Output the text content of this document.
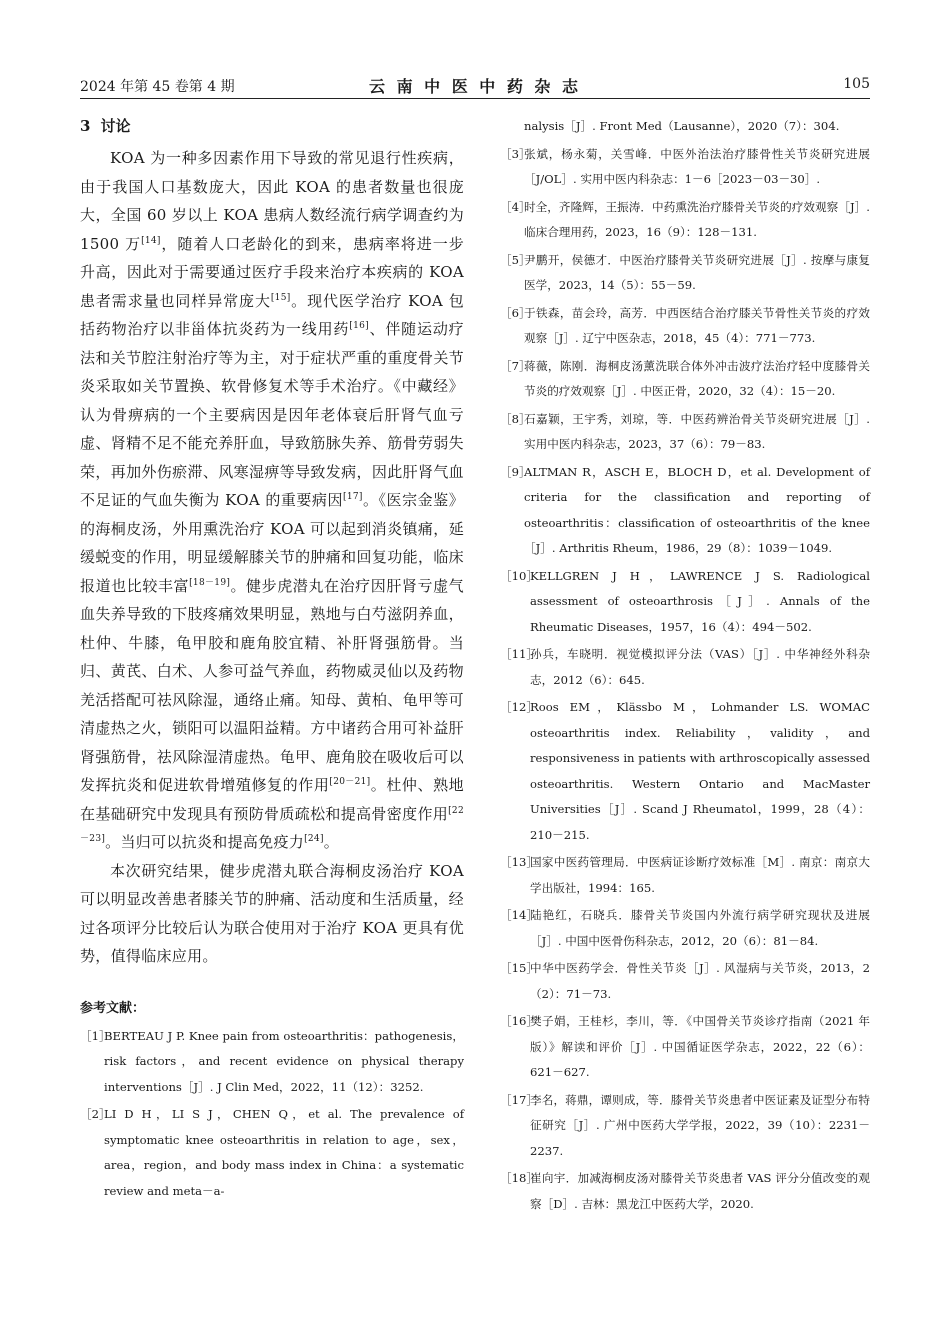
2024 年第 45 卷第 4 期	云 南 中 医 中 药 杂 志	105
3 讨论

KOA 为一种多因素作用下导致的常见退行性疾病，由于我国人口基数庞大，因此 KOA 的患者数量也很庞大，全国 60 岁以上 KOA 患病人数经流行病学调查约为 1500 万[14]，随着人口老龄化的到来，患病率将进一步升高，因此对于需要通过医疗手段来治疗本疾病的 KOA 患者需求量也同样异常庞大[15]。现代医学治疗 KOA 包括药物治疗以非甾体抗炎药为一线用药[16]、伴随运动疗法和关节腔注射治疗等为主，对于症状严重的重度骨关节炎采取如关节置换、软骨修复术等手术治疗。《中藏经》认为骨痹病的一个主要病因是因年老体衰后肝肾气血亏虚、肾精不足不能充养肝血，导致筋脉失养、筋骨劳弱失荣，再加外伤瘀滞、风寒湿痹等导致发病，因此肝肾气血不足证的气血失衡为 KOA 的重要病因[17]。《医宗金鉴》的海桐皮汤，外用熏洗治疗 KOA 可以起到消炎镇痛，延缓蜕变的作用，明显缓解膝关节的肿痛和回复功能，临床报道也比较丰富[18－19]。健步虎潜丸在治疗因肝肾亏虚气血失养导致的下肢疼痛效果明显，熟地与白芍滋阴养血，杜仲、牛膝，龟甲胶和鹿角胶宜精、补肝肾强筋骨。当归、黄芪、白术、人参可益气养血，药物威灵仙以及药物羌活搭配可祛风除湿，通络止痛。知母、黄柏、龟甲等可清虚热之火，锁阳可以温阳益精。方中诸药合用可补益肝肾强筋骨，祛风除湿清虚热。龟甲、鹿角胶在吸收后可以发挥抗炎和促进软骨增殖修复的作用[20－21]。杜仲、熟地在基础研究中发现具有预防骨质疏松和提高骨密度作用[22－23]。当归可以抗炎和提高免疫力[24]。

本次研究结果，健步虎潜丸联合海桐皮汤治疗 KOA 可以明显改善患者膝关节的肿痛、活动度和生活质量，经过各项评分比较后认为联合使用对于治疗 KOA 更具有优势，值得临床应用。

参考文献：
［1］
BERTEAU J P. Knee pain from osteoarthritis：pathogenesis，risk factors，and recent evidence on physical therapy interventions［J］. J Clin Med，2022，11（12）：3252.
［2］
LI D H，LI S J，CHEN Q，et al. The prevalence of symptomatic knee osteoarthritis in relation to age，sex，area，region，and body mass index in China：a systematic review and meta－a-
nalysis［J］. Front Med（Lausanne），2020（7）：304.
［3］
张斌，杨永菊，关雪峰．中医外治法治疗膝骨性关节炎研究进展［J/OL］. 实用中医内科杂志：1－6［2023－03－30］.
［4］
时全，齐隆辉，王振涛．中药熏洗治疗膝骨关节炎的疗效观察［J］. 临床合理用药，2023，16（9）：128－131.
［5］
尹鹏开，侯德才．中医治疗膝骨关节炎研究进展［J］. 按摩与康复医学，2023，14（5）：55－59.
［6］
于铁森，苗会玲，高芳．中西医结合治疗膝关节骨性关节炎的疗效观察［J］. 辽宁中医杂志，2018，45（4）：771－773.
［7］
蒋薇，陈刚．海桐皮汤薰洗联合体外冲击波疗法治疗轻中度膝骨关节炎的疗效观察［J］. 中医正骨，2020，32（4）：15－20.
［8］
石嘉颖，王宇秀，刘琼，等．中医药辨治骨关节炎研究进展［J］. 实用中医内科杂志，2023，37（6）：79－83.
［9］
ALTMAN R，ASCH E，BLOCH D，et al. Development of criteria for the classification and reporting of osteoarthritis：classification of osteoarthritis of the knee［J］. Arthritis Rheum，1986，29（8）：1039－1049.
［10］
KELLGREN J H，LAWRENCE J S. Radiological assessment of osteoarthrosis［J］. Annals of the Rheumatic Diseases，1957，16（4）：494－502.
［11］
孙兵，车晓明．视觉模拟评分法（VAS）［J］. 中华神经外科杂志，2012（6）：645.
［12］
Roos EM，Klässbo M，Lohmander LS. WOMAC osteoarthritis index. Reliability，validity，and responsiveness in patients with arthroscopically assessed osteoarthritis. Western Ontario and MacMaster Universities［J］. Scand J Rheumatol，1999，28（4）：210－215.
［13］
国家中医药管理局．中医病证诊断疗效标准［M］. 南京：南京大学出版社，1994：165.
［14］
陆艳红，石晓兵．膝骨关节炎国内外流行病学研究现状及进展［J］. 中国中医骨伤科杂志，2012，20（6）：81－84.
［15］
中华中医药学会．骨性关节炎［J］. 风湿病与关节炎，2013，2（2）：71－73.
［16］
樊子娟，王桂杉，李川，等．《中国骨关节炎诊疗指南（2021 年版）》解读和评价［J］. 中国循证医学杂志，2022，22（6）：621－627.
［17］
李名，蒋鼎，谭则成，等．膝骨关节炎患者中医证素及证型分布特征研究［J］. 广州中医药大学学报，2022，39（10）：2231－2237.
［18］
崔向宇．加减海桐皮汤对膝骨关节炎患者 VAS 评分分值改变的观察［D］. 吉林：黑龙江中医药大学，2020.
